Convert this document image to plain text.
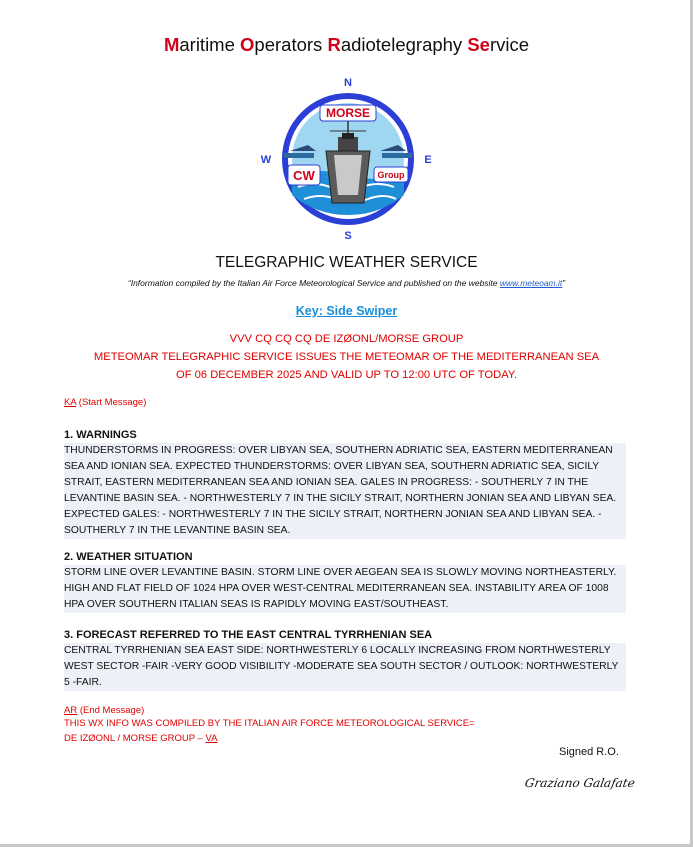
Maritime Operators Radiotelegraphy Service
N
S
W	E
MORSE
CW	Group
TELEGRAPHIC WEATHER SERVICE
“Information compiled by the Italian Air Force Meteorological Service and published on the website www.meteoam.it”
Key: Side Swiper
VVV CQ CQ CQ DE IZØONL/MORSE GROUP
METEOMAR TELEGRAPHIC SERVICE ISSUES THE METEOMAR OF THE MEDITERRANEAN SEA
OF 06 DECEMBER 2025 AND VALID UP TO 12:00 UTC OF TODAY.
KA (Start Message)
1. WARNINGS
THUNDERSTORMS IN PROGRESS: OVER LIBYAN SEA, SOUTHERN ADRIATIC SEA, EASTERN MEDITERRANEAN SEA AND IONIAN SEA. EXPECTED THUNDERSTORMS: OVER LIBYAN SEA, SOUTHERN ADRIATIC SEA, SICILY STRAIT, EASTERN MEDITERRANEAN SEA AND IONIAN SEA. GALES IN PROGRESS: - SOUTHERLY 7 IN THE LEVANTINE BASIN SEA. - NORTHWESTERLY 7 IN THE SICILY STRAIT, NORTHERN JONIAN SEA AND LIBYAN SEA. EXPECTED GALES: - NORTHWESTERLY 7 IN THE SICILY STRAIT, NORTHERN JONIAN SEA AND LIBYAN SEA. - SOUTHERLY 7 IN THE LEVANTINE BASIN SEA.
2. WEATHER SITUATION
STORM LINE OVER LEVANTINE BASIN. STORM LINE OVER AEGEAN SEA IS SLOWLY MOVING NORTHEASTERLY. HIGH AND FLAT FIELD OF 1024 HPA OVER WEST-CENTRAL MEDITERRANEAN SEA. INSTABILITY AREA OF 1008 HPA OVER SOUTHERN ITALIAN SEAS IS RAPIDLY MOVING EAST/SOUTHEAST.
3. FORECAST REFERRED TO THE EAST CENTRAL TYRRHENIAN SEA
CENTRAL TYRRHENIAN SEA EAST SIDE: NORTHWESTERLY 6 LOCALLY INCREASING FROM NORTHWESTERLY WEST SECTOR -FAIR -VERY GOOD VISIBILITY -MODERATE SEA SOUTH SECTOR / OUTLOOK: NORTHWESTERLY 5 -FAIR.
AR (End Message)
THIS WX INFO WAS COMPILED BY THE ITALIAN AIR FORCE METEOROLOGICAL SERVICE=
DE IZØONL / MORSE GROUP – VA
Signed R.O.
Graziano Galafate
